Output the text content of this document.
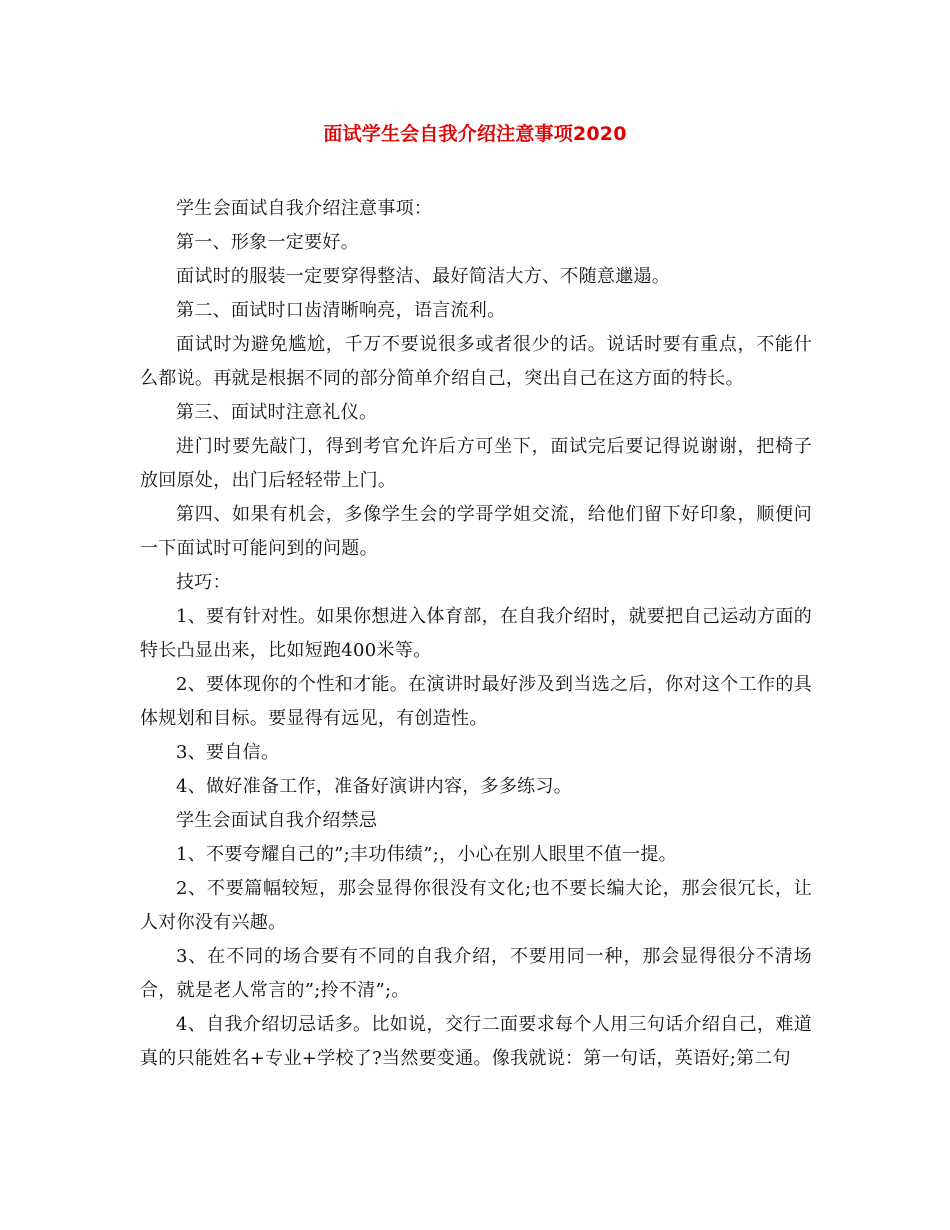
面试学生会自我介绍注意事项2020

学生会面试自我介绍注意事项：

第一、形象一定要好。

面试时的服装一定要穿得整洁、最好简洁大方、不随意邋遢。

第二、面试时口齿清晰响亮，语言流利。

面试时为避免尴尬，千万不要说很多或者很少的话。说话时要有重点，不能什么都说。再就是根据不同的部分简单介绍自己，突出自己在这方面的特长。

第三、面试时注意礼仪。

进门时要先敲门，得到考官允许后方可坐下，面试完后要记得说谢谢，把椅子放回原处，出门后轻轻带上门。

第四、如果有机会，多像学生会的学哥学姐交流，给他们留下好印象，顺便问一下面试时可能问到的问题。

技巧：

1、要有针对性。如果你想进入体育部，在自我介绍时，就要把自己运动方面的特长凸显出来，比如短跑400米等。

2、要体现你的个性和才能。在演讲时最好涉及到当选之后，你对这个工作的具体规划和目标。要显得有远见，有创造性。

3、要自信。

4、做好准备工作，准备好演讲内容，多多练习。

学生会面试自我介绍禁忌

1、不要夸耀自己的”;丰功伟绩”;，小心在别人眼里不值一提。

2、不要篇幅较短，那会显得你很没有文化;也不要长编大论，那会很冗长，让人对你没有兴趣。

3、在不同的场合要有不同的自我介绍，不要用同一种，那会显得很分不清场合，就是老人常言的”;拎不清”;。

4、自我介绍切忌话多。比如说，交行二面要求每个人用三句话介绍自己，难道真的只能姓名+专业+学校了?当然要变通。像我就说：第一句话，英语好;第二句
